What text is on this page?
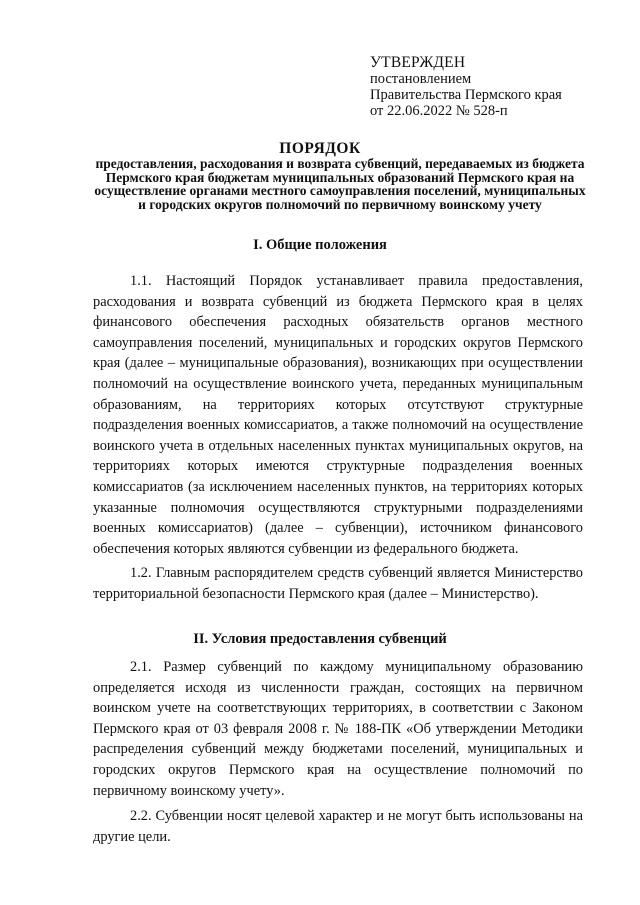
УТВЕРЖДЕН
постановлением
Правительства Пермского края
от 22.06.2022 № 528-п
ПОРЯДОК
предоставления, расходования и возврата субвенций, передаваемых из бюджета Пермского края бюджетам муниципальных образований Пермского края на осуществление органами местного самоуправления поселений, муниципальных и городских округов полномочий по первичному воинскому учету
I. Общие положения
1.1. Настоящий Порядок устанавливает правила предоставления, расходования и возврата субвенций из бюджета Пермского края в целях финансового обеспечения расходных обязательств органов местного самоуправления поселений, муниципальных и городских округов Пермского края (далее – муниципальные образования), возникающих при осуществлении полномочий на осуществление воинского учета, переданных муниципальным образованиям, на территориях которых отсутствуют структурные подразделения военных комиссариатов, а также полномочий на осуществление воинского учета в отдельных населенных пунктах муниципальных округов, на территориях которых имеются структурные подразделения военных комиссариатов (за исключением населенных пунктов, на территориях которых указанные полномочия осуществляются структурными подразделениями военных комиссариатов) (далее – субвенции), источником финансового обеспечения которых являются субвенции из федерального бюджета.
1.2. Главным распорядителем средств субвенций является Министерство территориальной безопасности Пермского края (далее – Министерство).
II. Условия предоставления субвенций
2.1. Размер субвенций по каждому муниципальному образованию определяется исходя из численности граждан, состоящих на первичном воинском учете на соответствующих территориях, в соответствии с Законом Пермского края от 03 февраля 2008 г. № 188-ПК «Об утверждении Методики распределения субвенций между бюджетами поселений, муниципальных и городских округов Пермского края на осуществление полномочий по первичному воинскому учету».
2.2. Субвенции носят целевой характер и не могут быть использованы на другие цели.
